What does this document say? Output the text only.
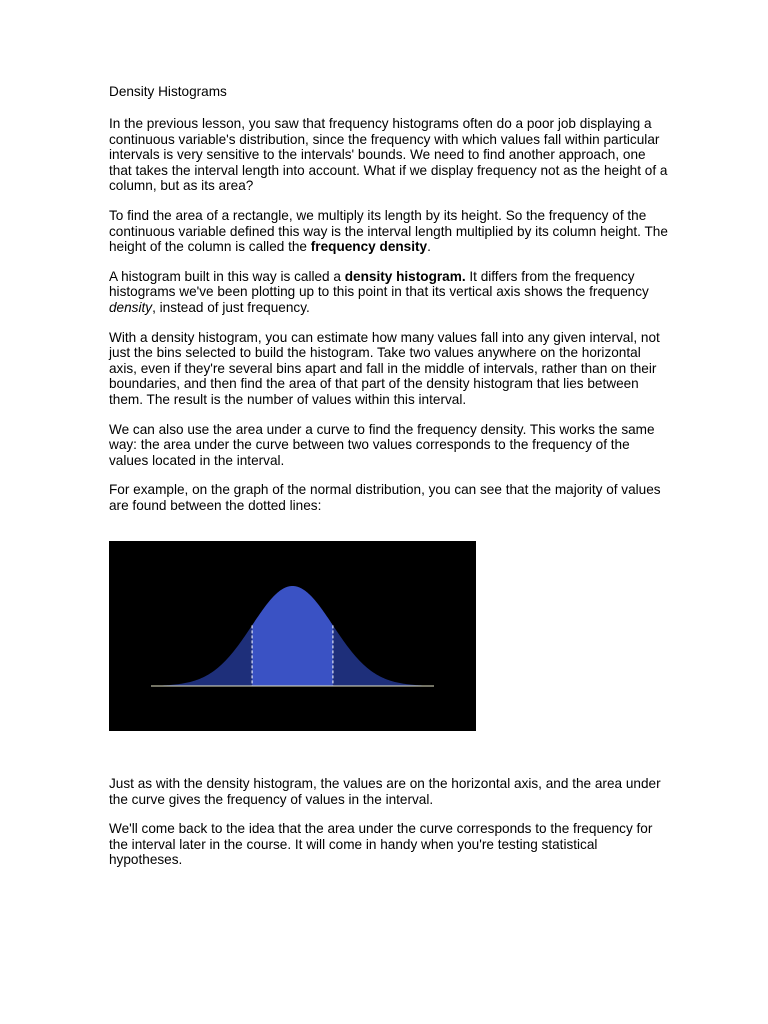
Density Histograms

In the previous lesson, you saw that frequency histograms often do a poor job displaying a continuous variable's distribution, since the frequency with which values fall within particular intervals is very sensitive to the intervals' bounds. We need to find another approach, one that takes the interval length into account. What if we display frequency not as the height of a column, but as its area?

To find the area of a rectangle, we multiply its length by its height. So the frequency of the continuous variable defined this way is the interval length multiplied by its column height. The height of the column is called the frequency density.

A histogram built in this way is called a density histogram. It differs from the frequency histograms we've been plotting up to this point in that its vertical axis shows the frequency density, instead of just frequency.

With a density histogram, you can estimate how many values fall into any given interval, not just the bins selected to build the histogram. Take two values anywhere on the horizontal axis, even if they're several bins apart and fall in the middle of intervals, rather than on their boundaries, and then find the area of that part of the density histogram that lies between them. The result is the number of values within this interval.

We can also use the area under a curve to find the frequency density. This works the same way: the area under the curve between two values corresponds to the frequency of the values located in the interval.

For example, on the graph of the normal distribution, you can see that the majority of values are found between the dotted lines:

Just as with the density histogram, the values are on the horizontal axis, and the area under the curve gives the frequency of values in the interval.

We'll come back to the idea that the area under the curve corresponds to the frequency for the interval later in the course. It will come in handy when you're testing statistical hypotheses.
